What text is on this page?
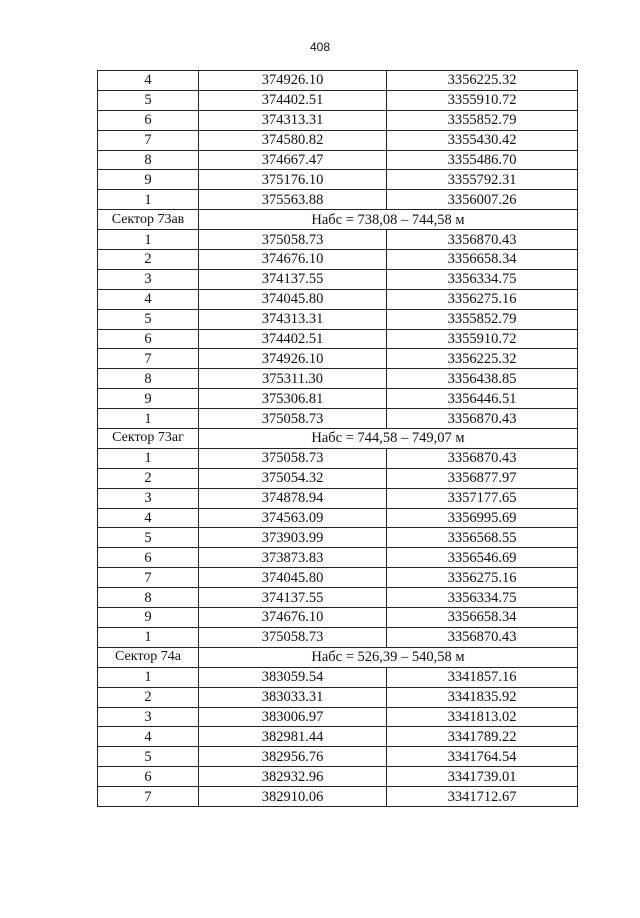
408
4	374926.10	3356225.32
5	374402.51	3355910.72
6	374313.31	3355852.79
7	374580.82	3355430.42
8	374667.47	3355486.70
9	375176.10	3355792.31
1	375563.88	3356007.26
Сектор 73ав	Набс = 738,08 – 744,58 м	
1	375058.73	3356870.43
2	374676.10	3356658.34
3	374137.55	3356334.75
4	374045.80	3356275.16
5	374313.31	3355852.79
6	374402.51	3355910.72
7	374926.10	3356225.32
8	375311.30	3356438.85
9	375306.81	3356446.51
1	375058.73	3356870.43
Сектор 73аг	Набс = 744,58 – 749,07 м	
1	375058.73	3356870.43
2	375054.32	3356877.97
3	374878.94	3357177.65
4	374563.09	3356995.69
5	373903.99	3356568.55
6	373873.83	3356546.69
7	374045.80	3356275.16
8	374137.55	3356334.75
9	374676.10	3356658.34
1	375058.73	3356870.43
Сектор 74а	Набс = 526,39 – 540,58 м	
1	383059.54	3341857.16
2	383033.31	3341835.92
3	383006.97	3341813.02
4	382981.44	3341789.22
5	382956.76	3341764.54
6	382932.96	3341739.01
7	382910.06	3341712.67
